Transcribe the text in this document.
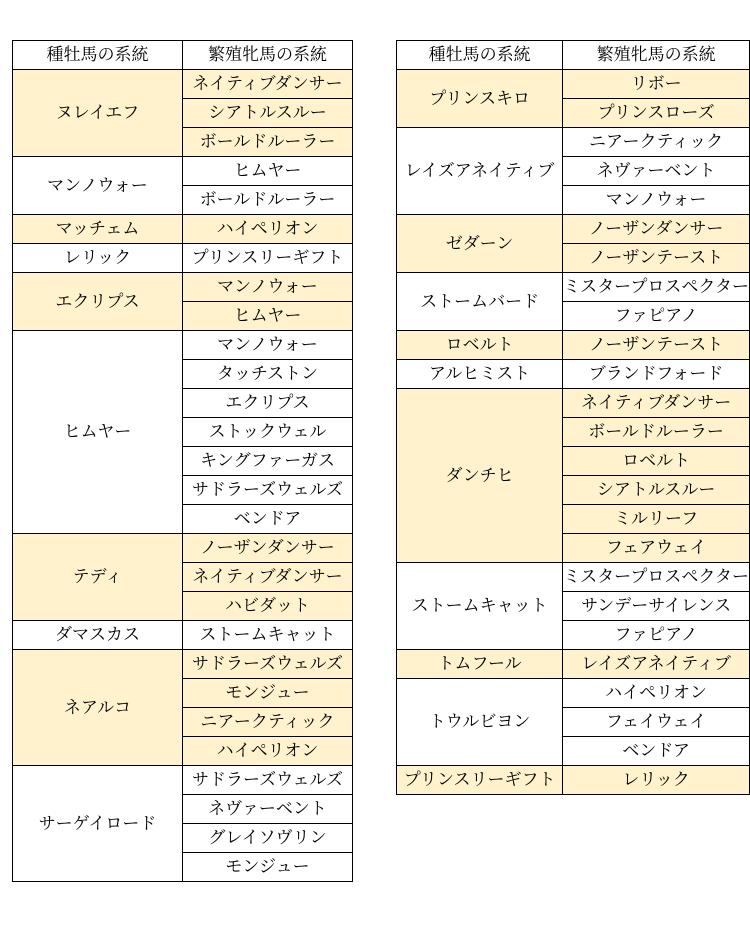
種牡馬の系統	繁殖牝馬の系統
ヌレイエフ	ネイティブダンサー
	シアトルスルー
	ボールドルーラー
マンノウォー	ヒムヤー
	ボールドルーラー
マッチェム	ハイペリオン
レリック	プリンスリーギフト
エクリプス	マンノウォー
	ヒムヤー
ヒムヤー	マンノウォー
	タッチストン
	エクリプス
	ストックウェル
	キングファーガス
	サドラーズウェルズ
	ベンドア
テディ	ノーザンダンサー
	ネイティブダンサー
	ハビダット
ダマスカス	ストームキャット
ネアルコ	サドラーズウェルズ
	モンジュー
	ニアークティック
	ハイペリオン
サーゲイロード	サドラーズウェルズ
	ネヴァーベント
	グレイソヴリン
	モンジュー
種牡馬の系統	繁殖牝馬の系統
プリンスキロ	リボー
	プリンスローズ
レイズアネイティブ	ニアークティック
	ネヴァーベント
	マンノウォー
ゼダーン	ノーザンダンサー
	ノーザンテースト
ストームバード	ミスタープロスペクター
	ファピアノ
ロベルト	ノーザンテースト
アルヒミスト	ブランドフォード
ダンチヒ	ネイティブダンサー
	ボールドルーラー
	ロベルト
	シアトルスルー
	ミルリーフ
	フェアウェイ
ストームキャット	ミスタープロスペクター
	サンデーサイレンス
	ファピアノ
トムフール	レイズアネイティブ
トウルビヨン	ハイペリオン
	フェイウェイ
	ベンドア
プリンスリーギフト	レリック
